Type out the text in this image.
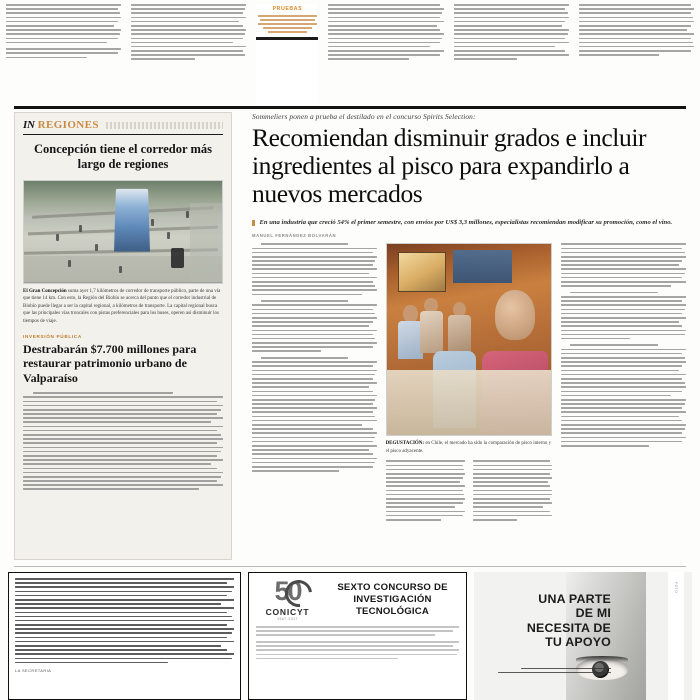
PRUEBAS
IN REGIONES
Concepción tiene el corredor más largo de regiones
El Gran Concepción suma ayer 1,7 kilómetros de corredor de transporte público, parte de una vía que tiene 14 km. Con esto, la Región del Biobío se acerca del punto que el corredor industrial de Biobío puede llegar a ser la capital regional, a kilómetros de transporte. La capital regional busca que las principales vías troncales con pistas preferenciales para los buses, operen así disminuir los tiempos de viaje.
INVERSIÓN PÚBLICA
Destrabarán $7.700 millones para restaurar patrimonio urbano de Valparaíso
Sommeliers ponen a prueba el destilado en el concurso Spirits Selection:
Recomiendan disminuir grados e incluir ingredientes al pisco para expandirlo a nuevos mercados
En una industria que creció 54% el primer semestre, con envíos por US$ 3,3 millones, especialistas recomiendan modificar su promoción, como el vino.
MANUEL FERNÁNDEZ BOLVARÁN
DEGUSTACIÓN: en Chile, el mercado ha sido la comparación de pisco interno y el pisco adyacente.
LA SECRETARIA
50
CONICYT
1967-2017
SEXTO CONCURSO DE INVESTIGACIÓN TECNOLÓGICA
UNA PARTE
DE MI
NECESITA DE
TU APOYO
FOTO
